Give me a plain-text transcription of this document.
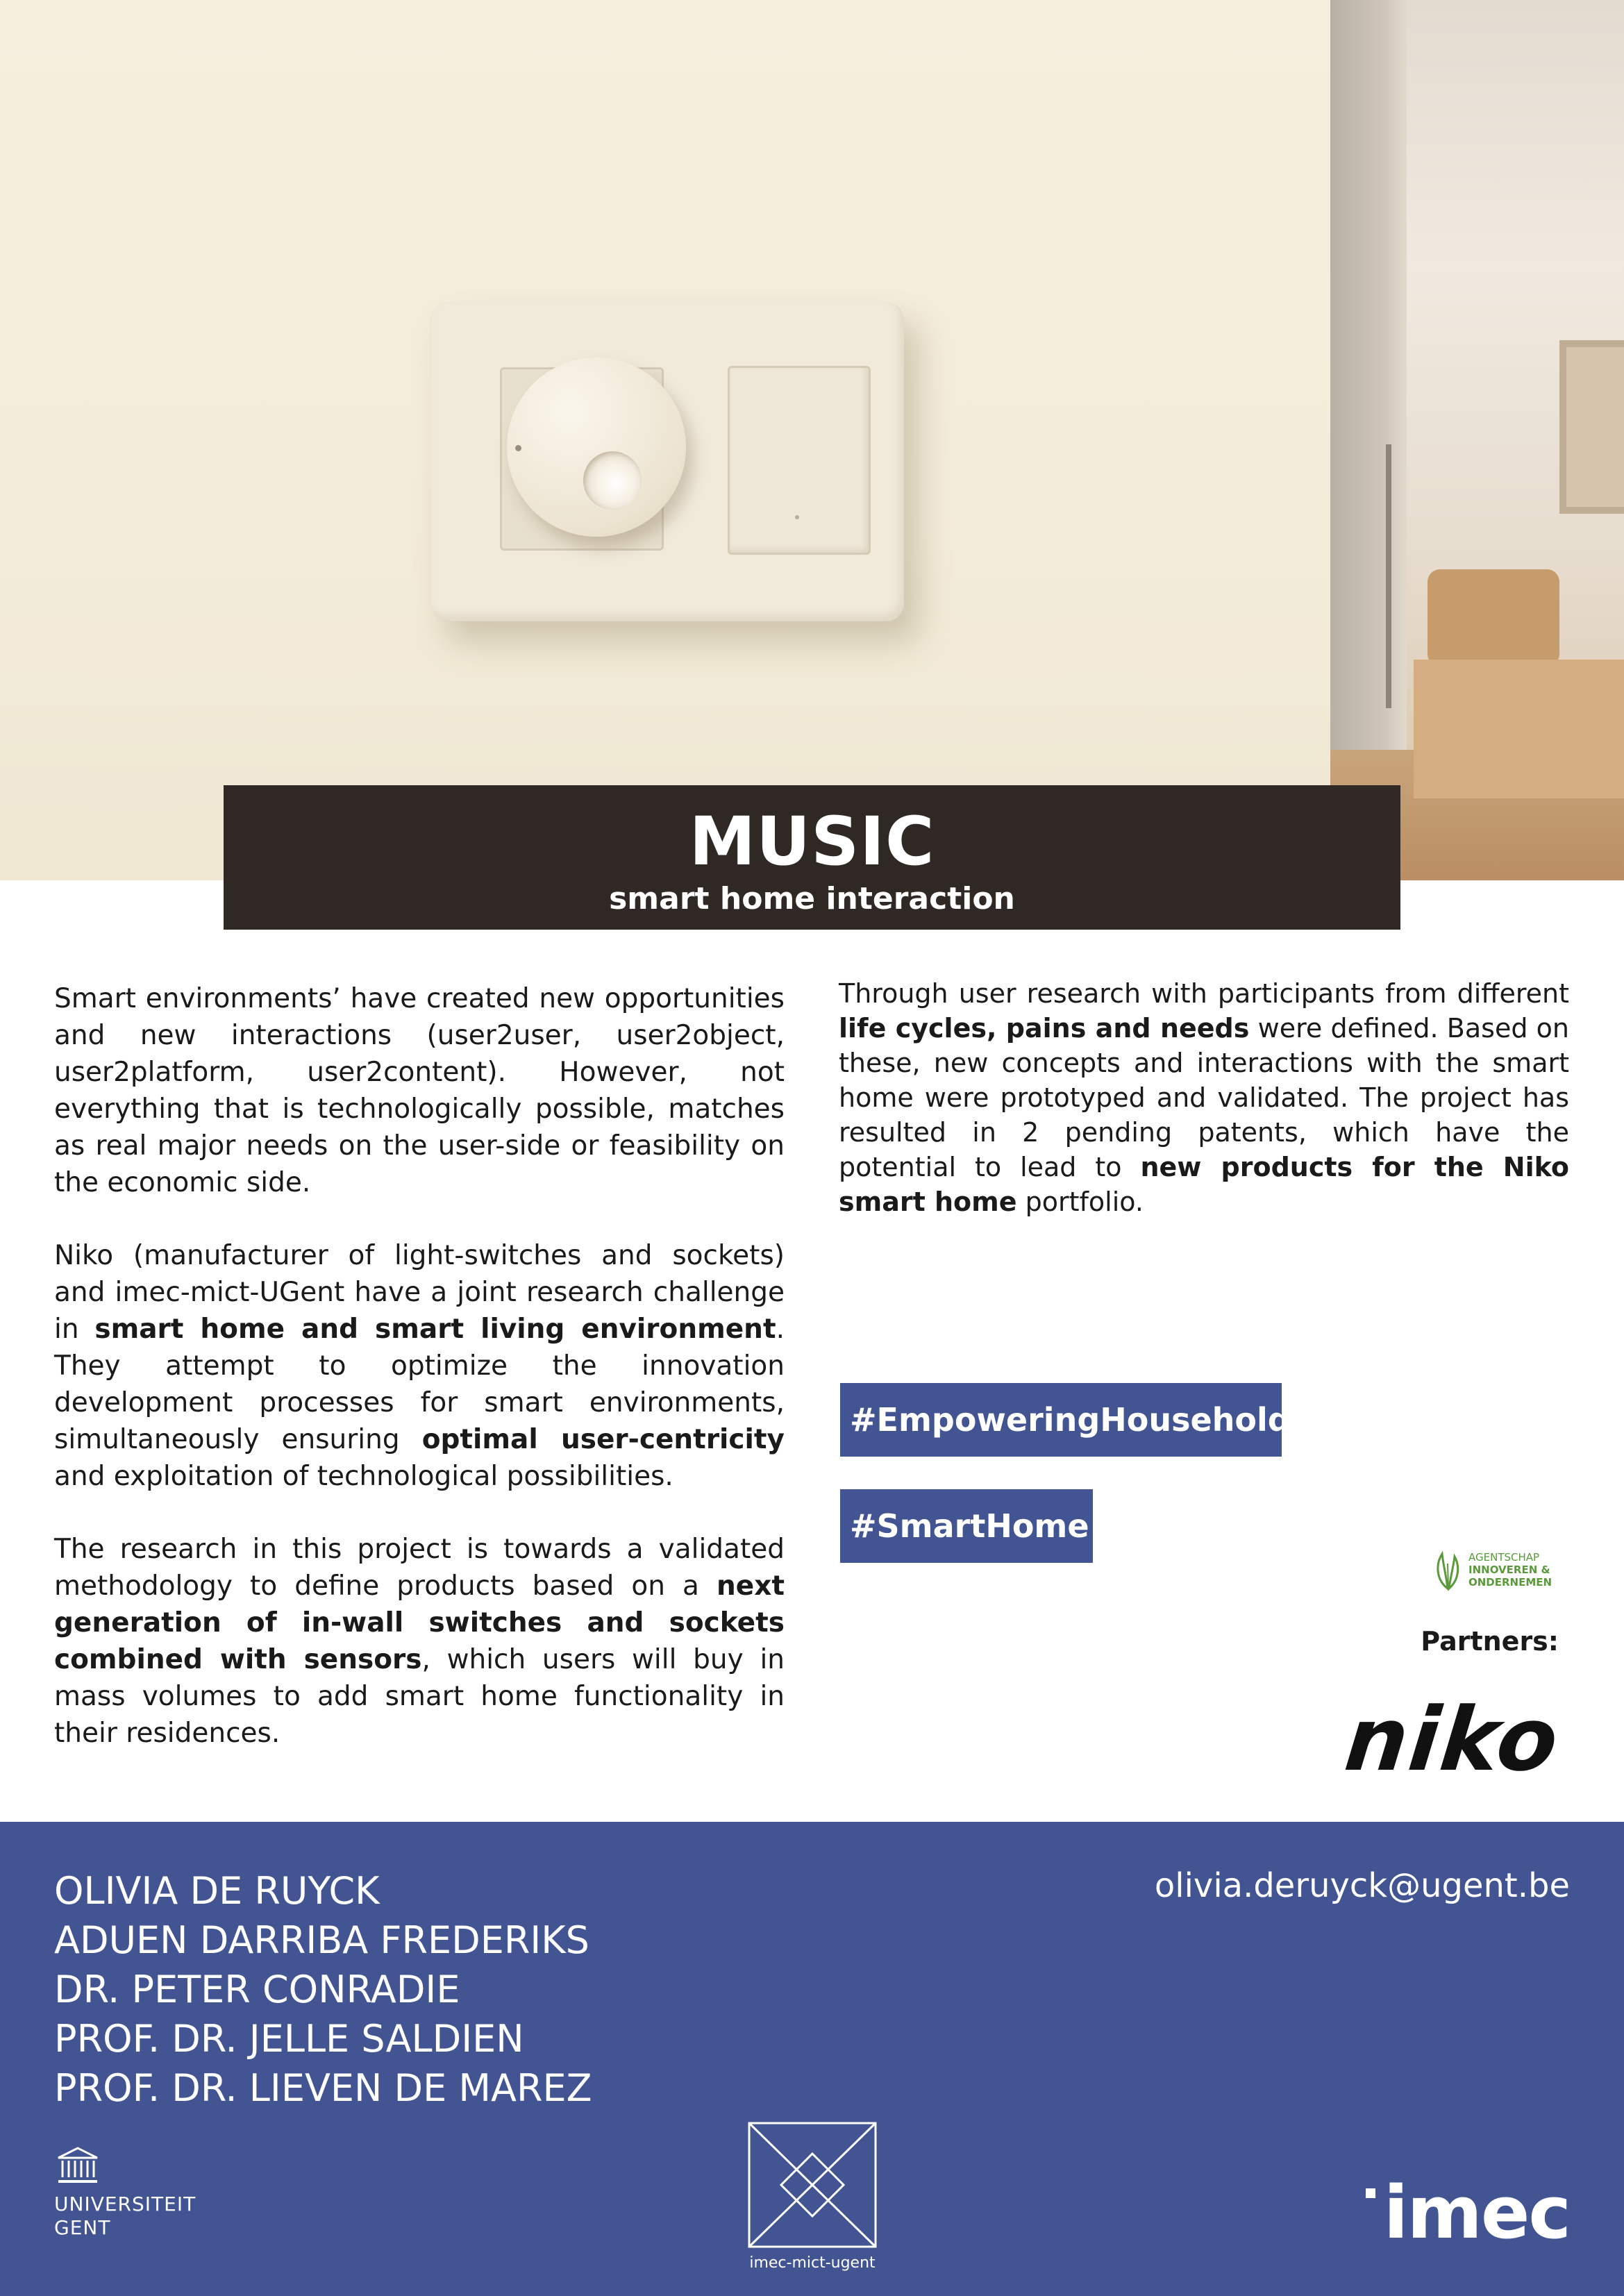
MUSIC
smart home interaction

Smart environments’ have created new opportunities and new interactions (user2user, user2object, user2platform, user2content). However, not everything that is technologically possible, matches as real major needs on the user-side or feasibility on the economic side.

Niko (manufacturer of light-switches and sockets) and imec-mict-UGent have a joint research challenge in smart home and smart living environment. They attempt to optimize the innovation development processes for smart environments, simultaneously ensuring optimal user-centricity and exploitation of technological possibilities.

The research in this project is towards a validated methodology to define products based on a next generation of in-wall switches and sockets combined with sensors, which users will buy in mass volumes to add smart home functionality in their residences.

Through user research with participants from different life cycles, pains and needs were defined. Based on these, new concepts and interactions with the smart home were prototyped and validated. The project has resulted in 2 pending patents, which have the potential to lead to new products for the Niko smart home portfolio.

#EmpoweringHouseholds
#SmartHome
AGENTSCHAP
INNOVEREN &
ONDERNEMEN
Partners:
niko
OLIVIA DE RUYCK
ADUEN DARRIBA FREDERIKS
DR. PETER CONRADIE
PROF. DR. JELLE SALDIEN
PROF. DR. LIEVEN DE MAREZ
olivia.deruyck@ugent.be
UNIVERSITEIT
GENT
imec-mict-ugent
imec
